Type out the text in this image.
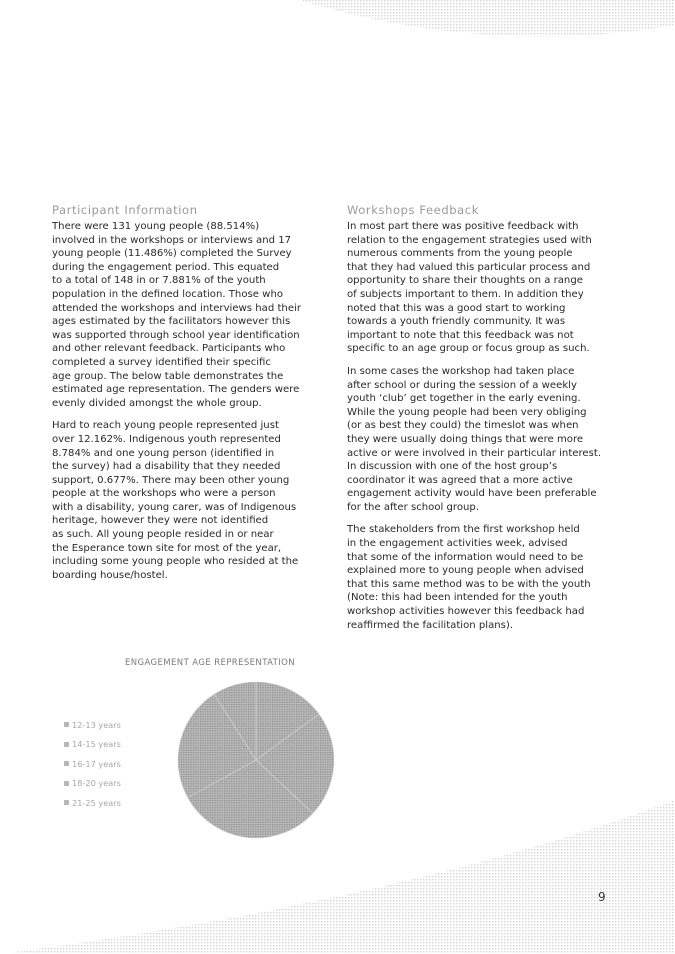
Participant Information

There were 131 young people (88.514%)
involved in the workshops or interviews and 17
young people (11.486%) completed the Survey
during the engagement period. This equated
to a total of 148 in or 7.881% of the youth
population in the defined location. Those who
attended the workshops and interviews had their
ages estimated by the facilitators however this
was supported through school year identification
and other relevant feedback. Participants who
completed a survey identified their specific
age group. The below table demonstrates the
estimated age representation. The genders were
evenly divided amongst the whole group.

Hard to reach young people represented just
over 12.162%. Indigenous youth represented
8.784% and one young person (identified in
the survey) had a disability that they needed
support, 0.677%. There may been other young
people at the workshops who were a person
with a disability, young carer, was of Indigenous
heritage, however they were not identified
as such. All young people resided in or near
the Esperance town site for most of the year,
including some young people who resided at the
boarding house/hostel.

Workshops Feedback

In most part there was positive feedback with
relation to the engagement strategies used with
numerous comments from the young people
that they had valued this particular process and
opportunity to share their thoughts on a range
of subjects important to them. In addition they
noted that this was a good start to working
towards a youth friendly community. It was
important to note that this feedback was not
specific to an age group or focus group as such.

In some cases the workshop had taken place
after school or during the session of a weekly
youth ‘club’ get together in the early evening.
While the young people had been very obliging
(or as best they could) the timeslot was when
they were usually doing things that were more
active or were involved in their particular interest.
In discussion with one of the host group’s
coordinator it was agreed that a more active
engagement activity would have been preferable
for the after school group.

The stakeholders from the first workshop held
in the engagement activities week, advised
that some of the information would need to be
explained more to young people when advised
that this same method was to be with the youth
(Note: this had been intended for the youth
workshop activities however this feedback had
reaffirmed the facilitation plans).

ENGAGEMENT AGE REPRESENTATION
12-13 years
14-15 years
16-17 years
18-20 years
21-25 years
9
